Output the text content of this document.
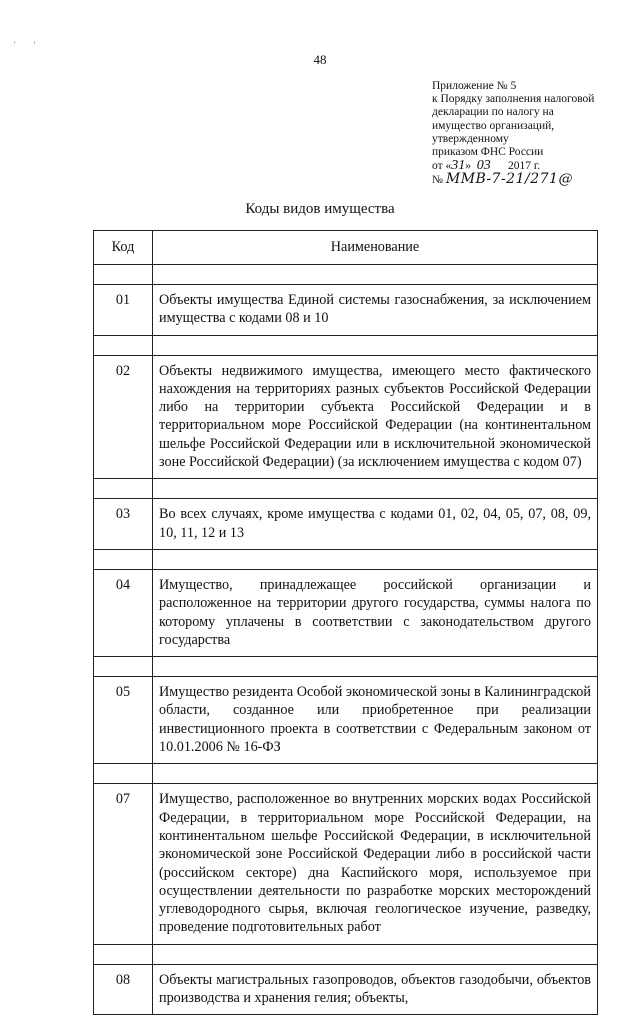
'        '
48
Приложение № 5
к Порядку заполнения налоговой
декларации по налогу на
имущество организаций,
утвержденному
приказом ФНС России
от «31» 03 2017 г.
№ ММВ-7-21/271@
Коды видов имущества
Код	Наименование

01	Объекты имущества Единой системы газоснабжения, за исключением имущества с кодами 08 и 10

02	Объекты недвижимого имущества, имеющего место фактического нахождения на территориях разных субъектов Российской Федерации либо на территории субъекта Российской Федерации и в территориальном море Российской Федерации (на континентальном шельфе Российской Федерации или в исключительной экономической зоне Российской Федерации) (за исключением имущества с кодом 07)

03	Во всех случаях, кроме имущества с кодами 01, 02, 04, 05, 07, 08, 09, 10, 11, 12 и 13

04	Имущество, принадлежащее российской организации и расположенное на территории другого государства, суммы налога по которому уплачены в соответствии с законодательством другого государства

05	Имущество резидента Особой экономической зоны в Калининградской области, созданное или приобретенное при реализации инвестиционного проекта в соответствии с Федеральным законом от 10.01.2006 № 16-ФЗ

07	Имущество, расположенное во внутренних морских водах Российской Федерации, в территориальном море Российской Федерации, на континентальном шельфе Российской Федерации, в исключительной экономической зоне Российской Федерации либо в российской части (российском секторе) дна Каспийского моря, используемое при осуществлении деятельности по разработке морских месторождений углеводородного сырья, включая геологическое изучение, разведку, проведение подготовительных работ

08	Объекты магистральных газопроводов, объектов газодобычи, объектов производства и хранения гелия; объекты,
